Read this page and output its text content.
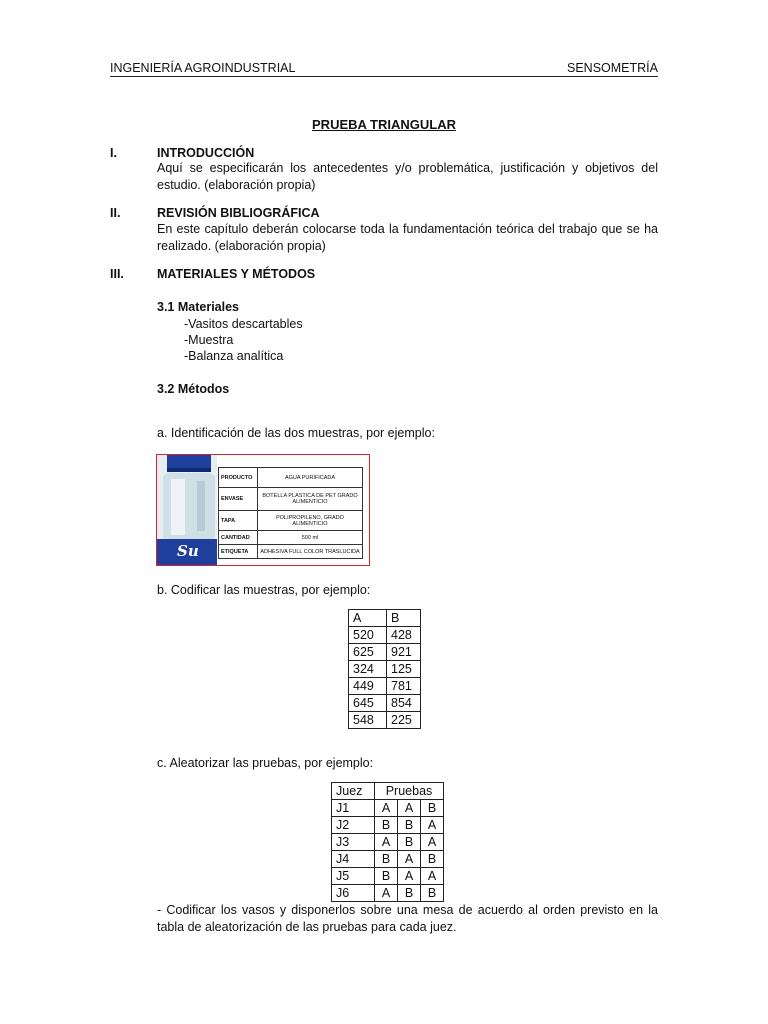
INGENIERÍA AGROINDUSTRIAL	SENSOMETRÍA
PRUEBA TRIANGULAR
I.	INTRODUCCIÓN
Aquí se especificarán los antecedentes y/o problemática, justificación y objetivos del estudio. (elaboración propia)
II.	REVISIÓN BIBLIOGRÁFICA
En este capítulo deberán colocarse toda la fundamentación teórica del trabajo que se ha realizado. (elaboración propia)
III.	MATERIALES Y MÉTODOS
3.1 Materiales
-Vasitos descartables
-Muestra
-Balanza analítica
3.2 Métodos
a. Identificación de las dos muestras, por ejemplo:
Su
PRODUCTO	AGUA PURIFICADA
ENVASE	BOTELLA PLASTICA DE PET GRADO ALIMENTICIO
TAPA	POLIPROPILENO, GRADO ALIMENTICIO
CANTIDAD	500 ml
ETIQUETA	ADHESIVA FULL COLOR TRASLUCIDA
b. Codificar las muestras, por ejemplo:
A	B
520	428
625	921
324	125
449	781
645	854
548	225
c. Aleatorizar las pruebas, por ejemplo:
Juez	Pruebas		
J1	A	A	B
J2	B	B	A
J3	A	B	A
J4	B	A	B
J5	B	A	A
J6	A	B	B
- Codificar los vasos y disponerlos sobre una mesa de acuerdo al orden previsto en la tabla de aleatorización de las pruebas para cada juez.
